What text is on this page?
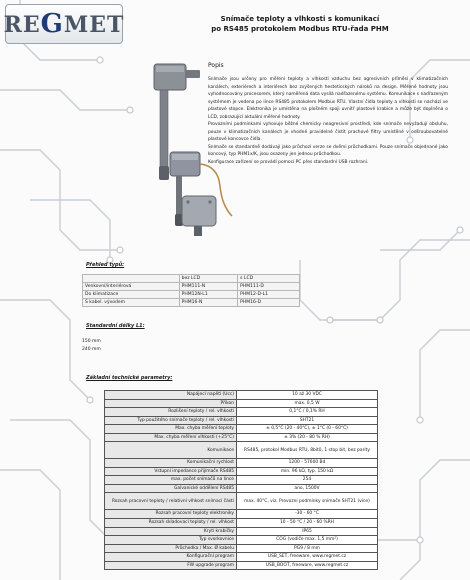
REGMET	Snímače teploty a vlhkosti s komunikací
po RS485 protokolem Modbus RTU-řada PHM
Popis

Snímače jsou určeny pro měření teploty a vlhkosti vzduchu bez agresivních příměsí v klimatizačních kanálech, exteriérech a interiérech bez zvýšených hesteticských nároků na design. Měřené hodnoty jsou vyhodnocovány procesorem, který naměřená data vysílá nadřazenému systému. Komunikace s nadřazeným systémem je vedena po lince RS485 protokolem Modbus RTU. Vlastní čidla teploty a vlhkosti se nachází ve plastové stopce. Elektronika je umístěna na plošném spoji uvnitř plastové krabice a může být doplněna o LCD, zobrazující aktuální měřené hodnoty.

Provozními podmínkami vyhovuje běžné chemicky neagresivní prostředí, kde snímače nevyžadují obsluhu, pouze v klimatizačních kanálech je vhodné pravidelné čistit prachové filtry umístěné v odšroubovatelné plastové koncovce čidla.

Snímače se standardně dodávají jako průchozí verze se dvěmi průchodkami. Pouze snímače objednané jako koncový, typ PHM1x/K, jsou osazeny jen jednou průchodkou.

Konfigurace zařízení se provádí pomocí PC přes standardní USB rozhraní.

Přehled typů:
	bez LCD	s LCD
Venkovní/interiérová	PHM111-N	PHM111-D
Do klimatizace	PHM12N-L1	PHM12-D-L1
S kabel. vývodem	PHM16-N	PHM16-D
Standardní délky L1:
150 mm
240 mm
Základní technické parametry:
Napájecí napětí (Ucc)	10 až 30 VDC
Příkon	max. 0,5 W
Rozlišení teploty / rel. vlhkosti	0,1°C / 0,1% RH
Typ použitého snímače teploty / rel. vlhkosti	SHT21
Max. chyba měření teploty	± 0,5°C (20 - 40°C), ± 1°C (0 - 60°C)
Max. chyba měření vlhkosti (+25°C)	± 3% (20 - 80 % RH)
Komunikace	RS485, protokol Modbus RTU, 8bitů, 1 stop bit, bez parity
Komunikační rychlost	1200 - 57600 Bd
Vstupní impedance přijímače RS485	min. 96 kΩ, typ. 150 kΩ
max. počet snímačů na lince	254
Galvanické oddělení RS485	ano, 1500V
Rozsah pracovní teploty / relativní vlhkost snímací části	max. 40°C, viz. Provozní podmínky snímače SHT21 (více)
Rozsah pracovní teploty elektroniky	-30 - 60 °C
Rozsah skladovací teploty / rel. vlhkost	10 - 50 °C / 20 - 60 %RH
Krytí krabičky	IP65
Typ svorkovnice	COG (vodiče max. 1,5 mm²)
Průchodka / Max. Ø kabelu	PG9 / 8 mm
Konfigurační program	USB_SET, freeware, www.regmet.cz
FW upgrade program	USB_BOOT, freeware, www.regmet.cz
